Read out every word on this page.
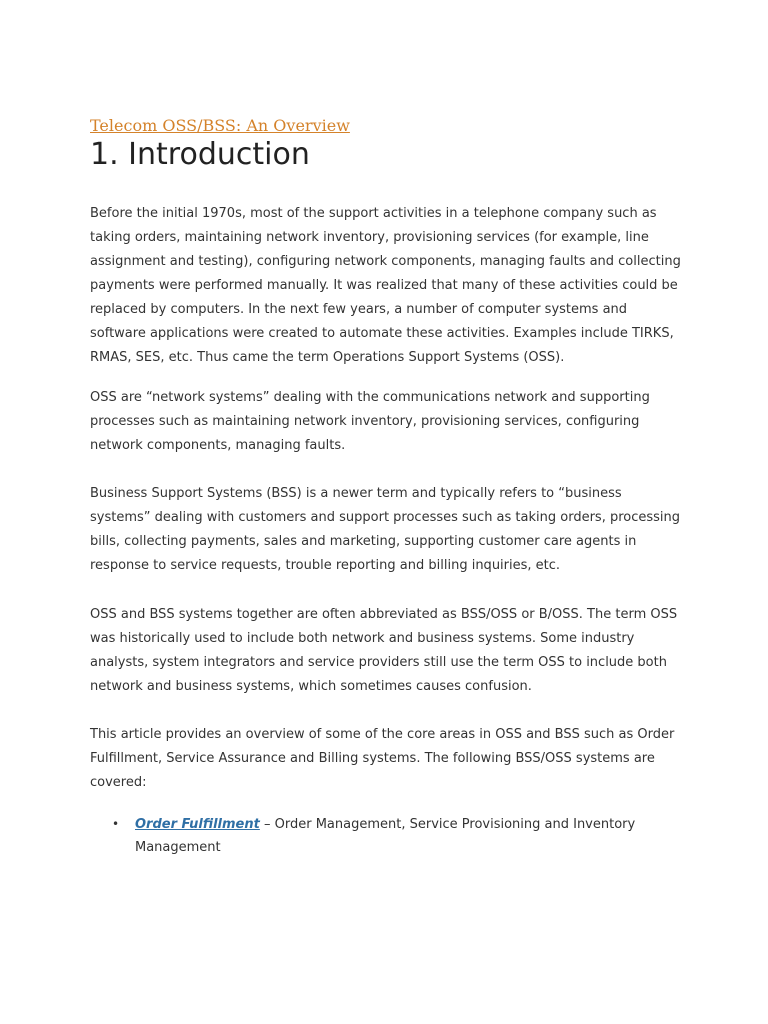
Telecom OSS/BSS: An Overview
1. Introduction

Before the initial 1970s, most of the support activities in a telephone company such as taking orders, maintaining network inventory, provisioning services (for example, line assignment and testing), configuring network components, managing faults and collecting payments were performed manually. It was realized that many of these activities could be replaced by computers. In the next few years, a number of computer systems and software applications were created to automate these activities. Examples include TIRKS, RMAS, SES, etc. Thus came the term Operations Support Systems (OSS).

OSS are “network systems” dealing with the communications network and supporting processes such as maintaining network inventory, provisioning services, configuring network components, managing faults.

Business Support Systems (BSS) is a newer term and typically refers to “business systems” dealing with customers and support processes such as taking orders, processing bills, collecting payments, sales and marketing, supporting customer care agents in response to service requests, trouble reporting and billing inquiries, etc.

OSS and BSS systems together are often abbreviated as BSS/OSS or B/OSS. The term OSS was historically used to include both network and business systems. Some industry analysts, system integrators and service providers still use the term OSS to include both network and business systems, which sometimes causes confusion.

This article provides an overview of some of the core areas in OSS and BSS such as Order Fulfillment, Service Assurance and Billing systems. The following BSS/OSS systems are covered:

• Order Fulfillment – Order Management, Service Provisioning and Inventory Management
